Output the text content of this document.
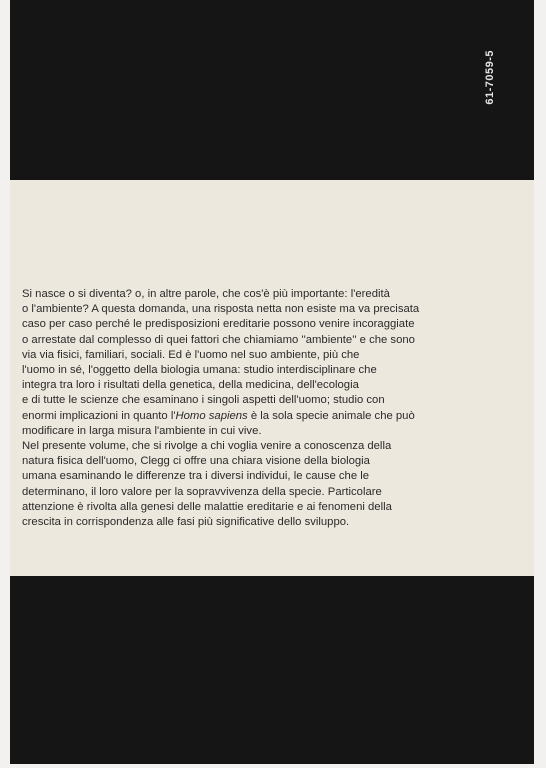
61-7059-5

Si nasce o si diventa? o, in altre parole, che cos'è più importante: l'eredità
o l'ambiente? A questa domanda, una risposta netta non esiste ma va precisata
caso per caso perché le predisposizioni ereditarie possono venire incoraggiate
o arrestate dal complesso di quei fattori che chiamiamo ''ambiente'' e che sono
via via fisici, familiari, sociali. Ed è l'uomo nel suo ambiente, più che
l'uomo in sé, l'oggetto della biologia umana: studio interdisciplinare che
integra tra loro i risultati della genetica, della medicina, dell'ecologia
e di tutte le scienze che esaminano i singoli aspetti dell'uomo; studio con
enormi implicazioni in quanto l'Homo sapiens è la sola specie animale che può
modificare in larga misura l'ambiente in cui vive.

Nel presente volume, che si rivolge a chi voglia venire a conoscenza della
natura fisica dell'uomo, Clegg ci offre una chiara visione della biologia
umana esaminando le differenze tra i diversi individui, le cause che le
determinano, il loro valore per la sopravvivenza della specie. Particolare
attenzione è rivolta alla genesi delle malattie ereditarie e ai fenomeni della
crescita in corrispondenza alle fasi più significative dello sviluppo.
